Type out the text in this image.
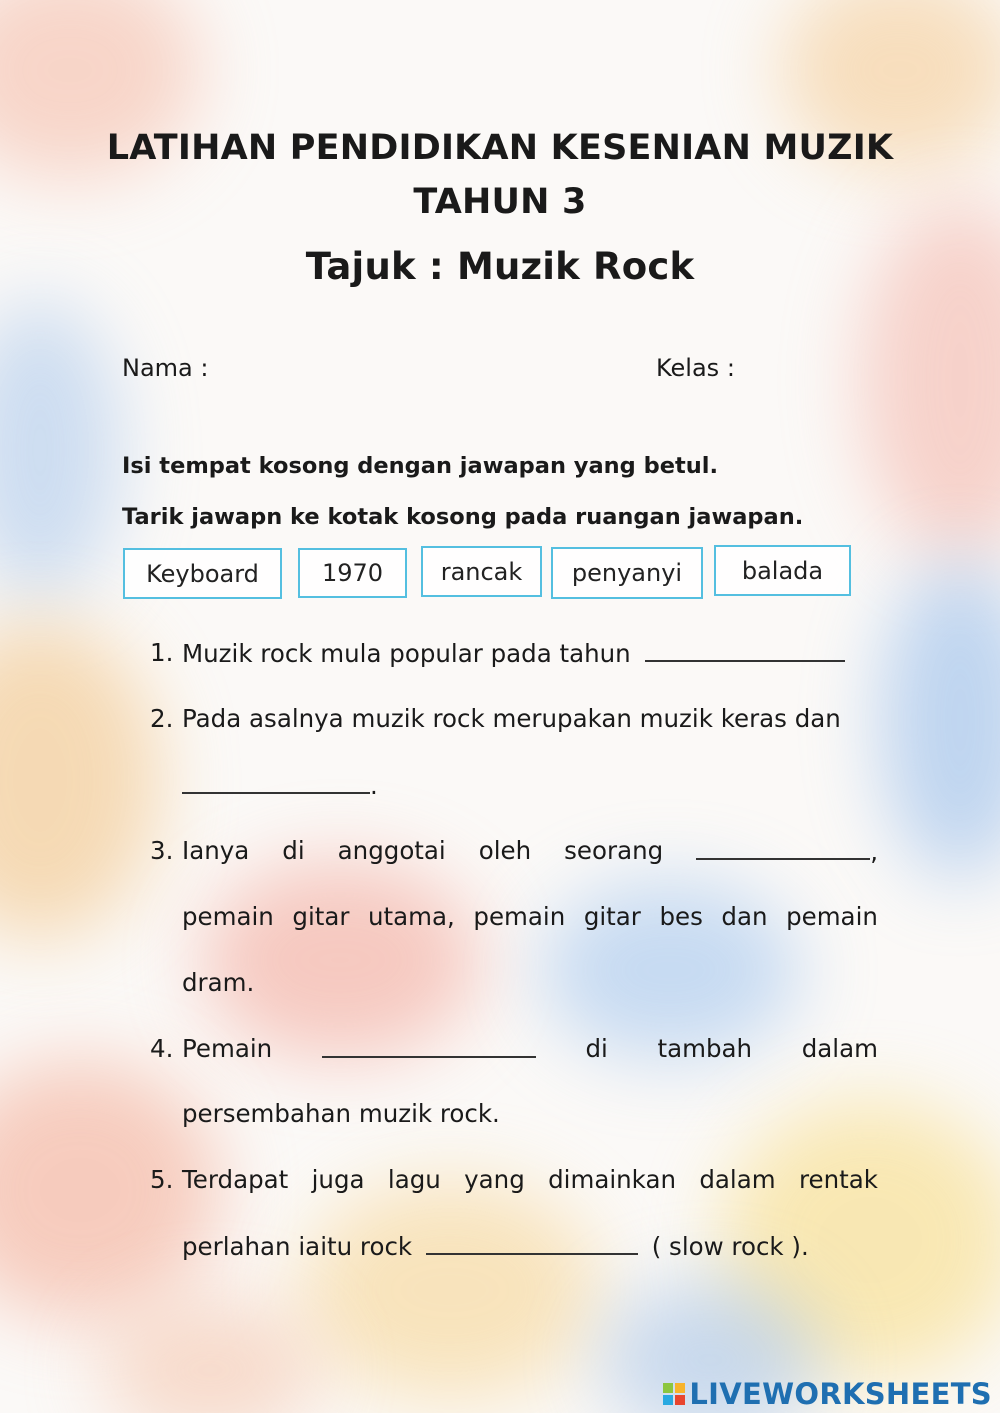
LATIHAN PENDIDIKAN KESENIAN MUZIK
TAHUN 3
Tajuk : Muzik Rock
Nama :	Kelas :
Isi tempat kosong dengan jawapan yang betul.
Tarik jawapn ke kotak kosong pada ruangan jawapan.
Keyboard	1970	rancak	penyanyi	balada
1. Muzik rock mula popular pada tahun
2. Pada asalnya muzik rock merupakan muzik keras dan
.
3. Ianya di anggotai oleh seorang	,
pemain gitar utama, pemain gitar bes dan pemain
dram.
4. Pemain	di tambah dalam
persembahan muzik rock.
5. Terdapat juga lagu yang dimainkan dalam rentak
perlahan iaitu rock	( slow rock ).
LIVEWORKSHEETS
